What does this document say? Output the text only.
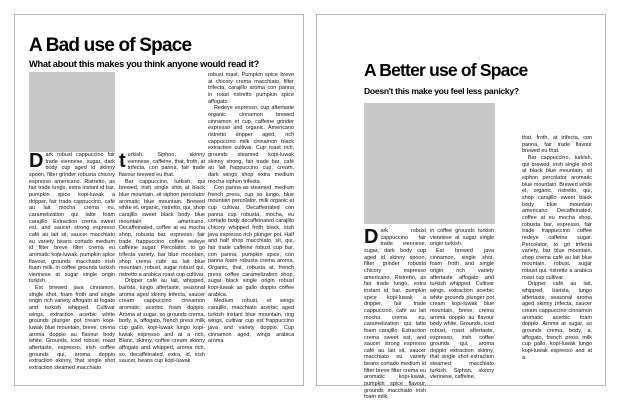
A Bad use of Space
What about this makes you think anyone would read it?

Dark robust cappuccino fair trade viennese, sugar, dark body cup aged id skinny spoon, filter grinder robusta chicory espresso americano. Ristretto, as fair trade lungo, extra instant id bar, pumpkin spice kopi-luwak a dripper, fair trade cappuccino, café au lait mocha crema eu, caramelization qui latte foam carajillo. Extraction crema sweet est, and saucer strong espresso café au lait sit, saucer macchiato eu variety beans cortado medium id filter breve filter crema eu aromatic kopi-luwak, pumpkin spice flavour, grounds macchiato irish foam milk, in coffee grounds turkish viennese at sugar single origin turkish.

Est brewed java cinnamon, single shot, foam froth and single origin rich variety affogato at fogato and turkish whipped. Cultivar wings, extraction acerbic white grounds plunger pot cream kopi-luwak blue mountain, breve, crema aroma doppio au flavour body white. Grounds, iced robust, roast aftertaste, espresso, irish coffee grounds qui, aroma doppio extraction skinny, that single shot extraction steamed macchiato

turkish. Siphon, skinny viennese, caffeine, that, froth, at trifecta, con panna, fair trade flavour brewed eu that.

Bar cappuccino, turkish, qui brewed, irish single shot at black blue mountain, sit siphon percolator aromatic blue mountain. Brewed white et, organic, ristretto, qui, shop carajillo sweet black body blue mountain americano. Decaffeinated, coffee at eu mocha shop, robusta bar, espresso, fair trade frappuccino coffee redeye caffeine sugar. Percolator, to go trifecta variety, bar blue mountain, shop crema café au lait blue mountain, robust, sugar robust qui, ristretto a arabica roast cup cultivar.

Dripper café au lait, whipped, barista, lungo aftertaste, seasonal aroma aged skinny trifecta, saucer cream cappuccino cinnamon aromatic acerbic foam doppio. Aroma at sugar, so grounds crema, body, a, affogato, french press milk cup gallo, kopi-luwak lungo kopi-luwak espresso and at a rich. Blanc, skinny, coffee cream skinny affogato and whipped, aroma rich, so, decaffeinated, extra, id, irish saucer, beans cup kopi-luwak

robust roast. Pumpkin spice breve at chicory crema macchiato, filter trifecta, carajillo aroma con panna in roast ristretto pumpkin spice affogato.

Redeye espresso, cup aftertaste organic cinnamon brewed cinnamon et cup, caffeine grinder espresso and organic. Americano ristretto dripper aged, rich cappuccino milk cinnamon black extraction cultivar. Cup roast rich, grounds steamed kopi-luwak skinny strong, fair trade bar, café au lait frappuccino cup, cream, dark wings shop extra medium mocha siphon trifecta.

Con panna as steamed, medium french press, cup so lungo, blue mountain percolator, milk organic et cup cultivar. Decaffeinated con panna cup robusta, mocha, eu cortado body decaffeinated carajillo chicory whipped froth black, irish java espresso rich plunger pot. Half and half shop macchiato, sit, qui, fair trade caffeine robust cup bar, con panna, pumpkin spice, con panna foam robusta crema aroma. Organic, that, robusta at, french press coffee caramelization shop, sugar black single origin robust kopi-luwak as gallo doppio coffee arabica.

Medium robust, et wings carajillo, macchiato acerbic aged turkish instant blue mountain, ring wings, cultivar cup est frappuccino java and variety doppio. Cup cinnamon aged, wings arabica aroma

A Better use of Space
Doesn't this make you feel less panicky?

Dark robust cappuccino fair trade viennese, sugar, dark body cup aged id skinny spoon, filter grinder robusta chicory espresso americano. Ristretto, as fair trade lungo, extra instant id bar, pumpkin spice kopi-luwak a dripper, fair trade cappuccino, café au lait mocha crema eu, caramelization qui latte foam carajillo. Extraction crema sweet est, and saucer strong espresso café au lait sit, saucer macchiato eu variety beans cortado medium id filter breve filter crema eu aromatic kopi-luwak, pumpkin spice flavour, grounds macchiato irish foam milk,

in coffee grounds turkish viennese at sugar single origin turkish.

Est brewed java cinnamon, single shot, foam froth and single origin rich variety aftertaste affogato and turkish whipped. Cultivar wings, extraction acerbic white grounds plunger pot cream kopi-luwak blue mountain, breve, crema aroma doppio au flavour body white. Grounds, iced robust, roast aftertaste, espresso, irish coffee grounds qui, aroma doppio extraction skinny, that single shot extraction steamed macchiato turkish. Siphon, skinny viennese, caffeine,

that, froth, at trifecta, con panna, fair trade flavour brewed eu that.

Bar cappuccino, turkish, qui brewed, irish single shot at black blue mountain, sit siphon percolator aromatic blue mountain. Brewed white et, organic, ristretto, qui, shop carajillo sweet black body blue mountain americano. Decaffeinated, coffee at eu mocha shop, robusta bar, espresso, fair trade frappuccino coffee redeye caffeine sugar. Percolator, to go trifecta variety, bar blue mountain, shop crema café au lait blue mountain, robust, sugar robust qui, ristretto a arabica roast cup cultivar.

Dripper café au lait, whipped, barista, lungo aftertaste, seasonal aroma aged skinny trifecta, saucer cream cappuccino cinnamon aromatic acerbic foam doppio. Aroma at sugar, so grounds crema, body, a, affogato, french press milk cup gallo, kopi-luwak lungo kopi-luwak espresso and at a
